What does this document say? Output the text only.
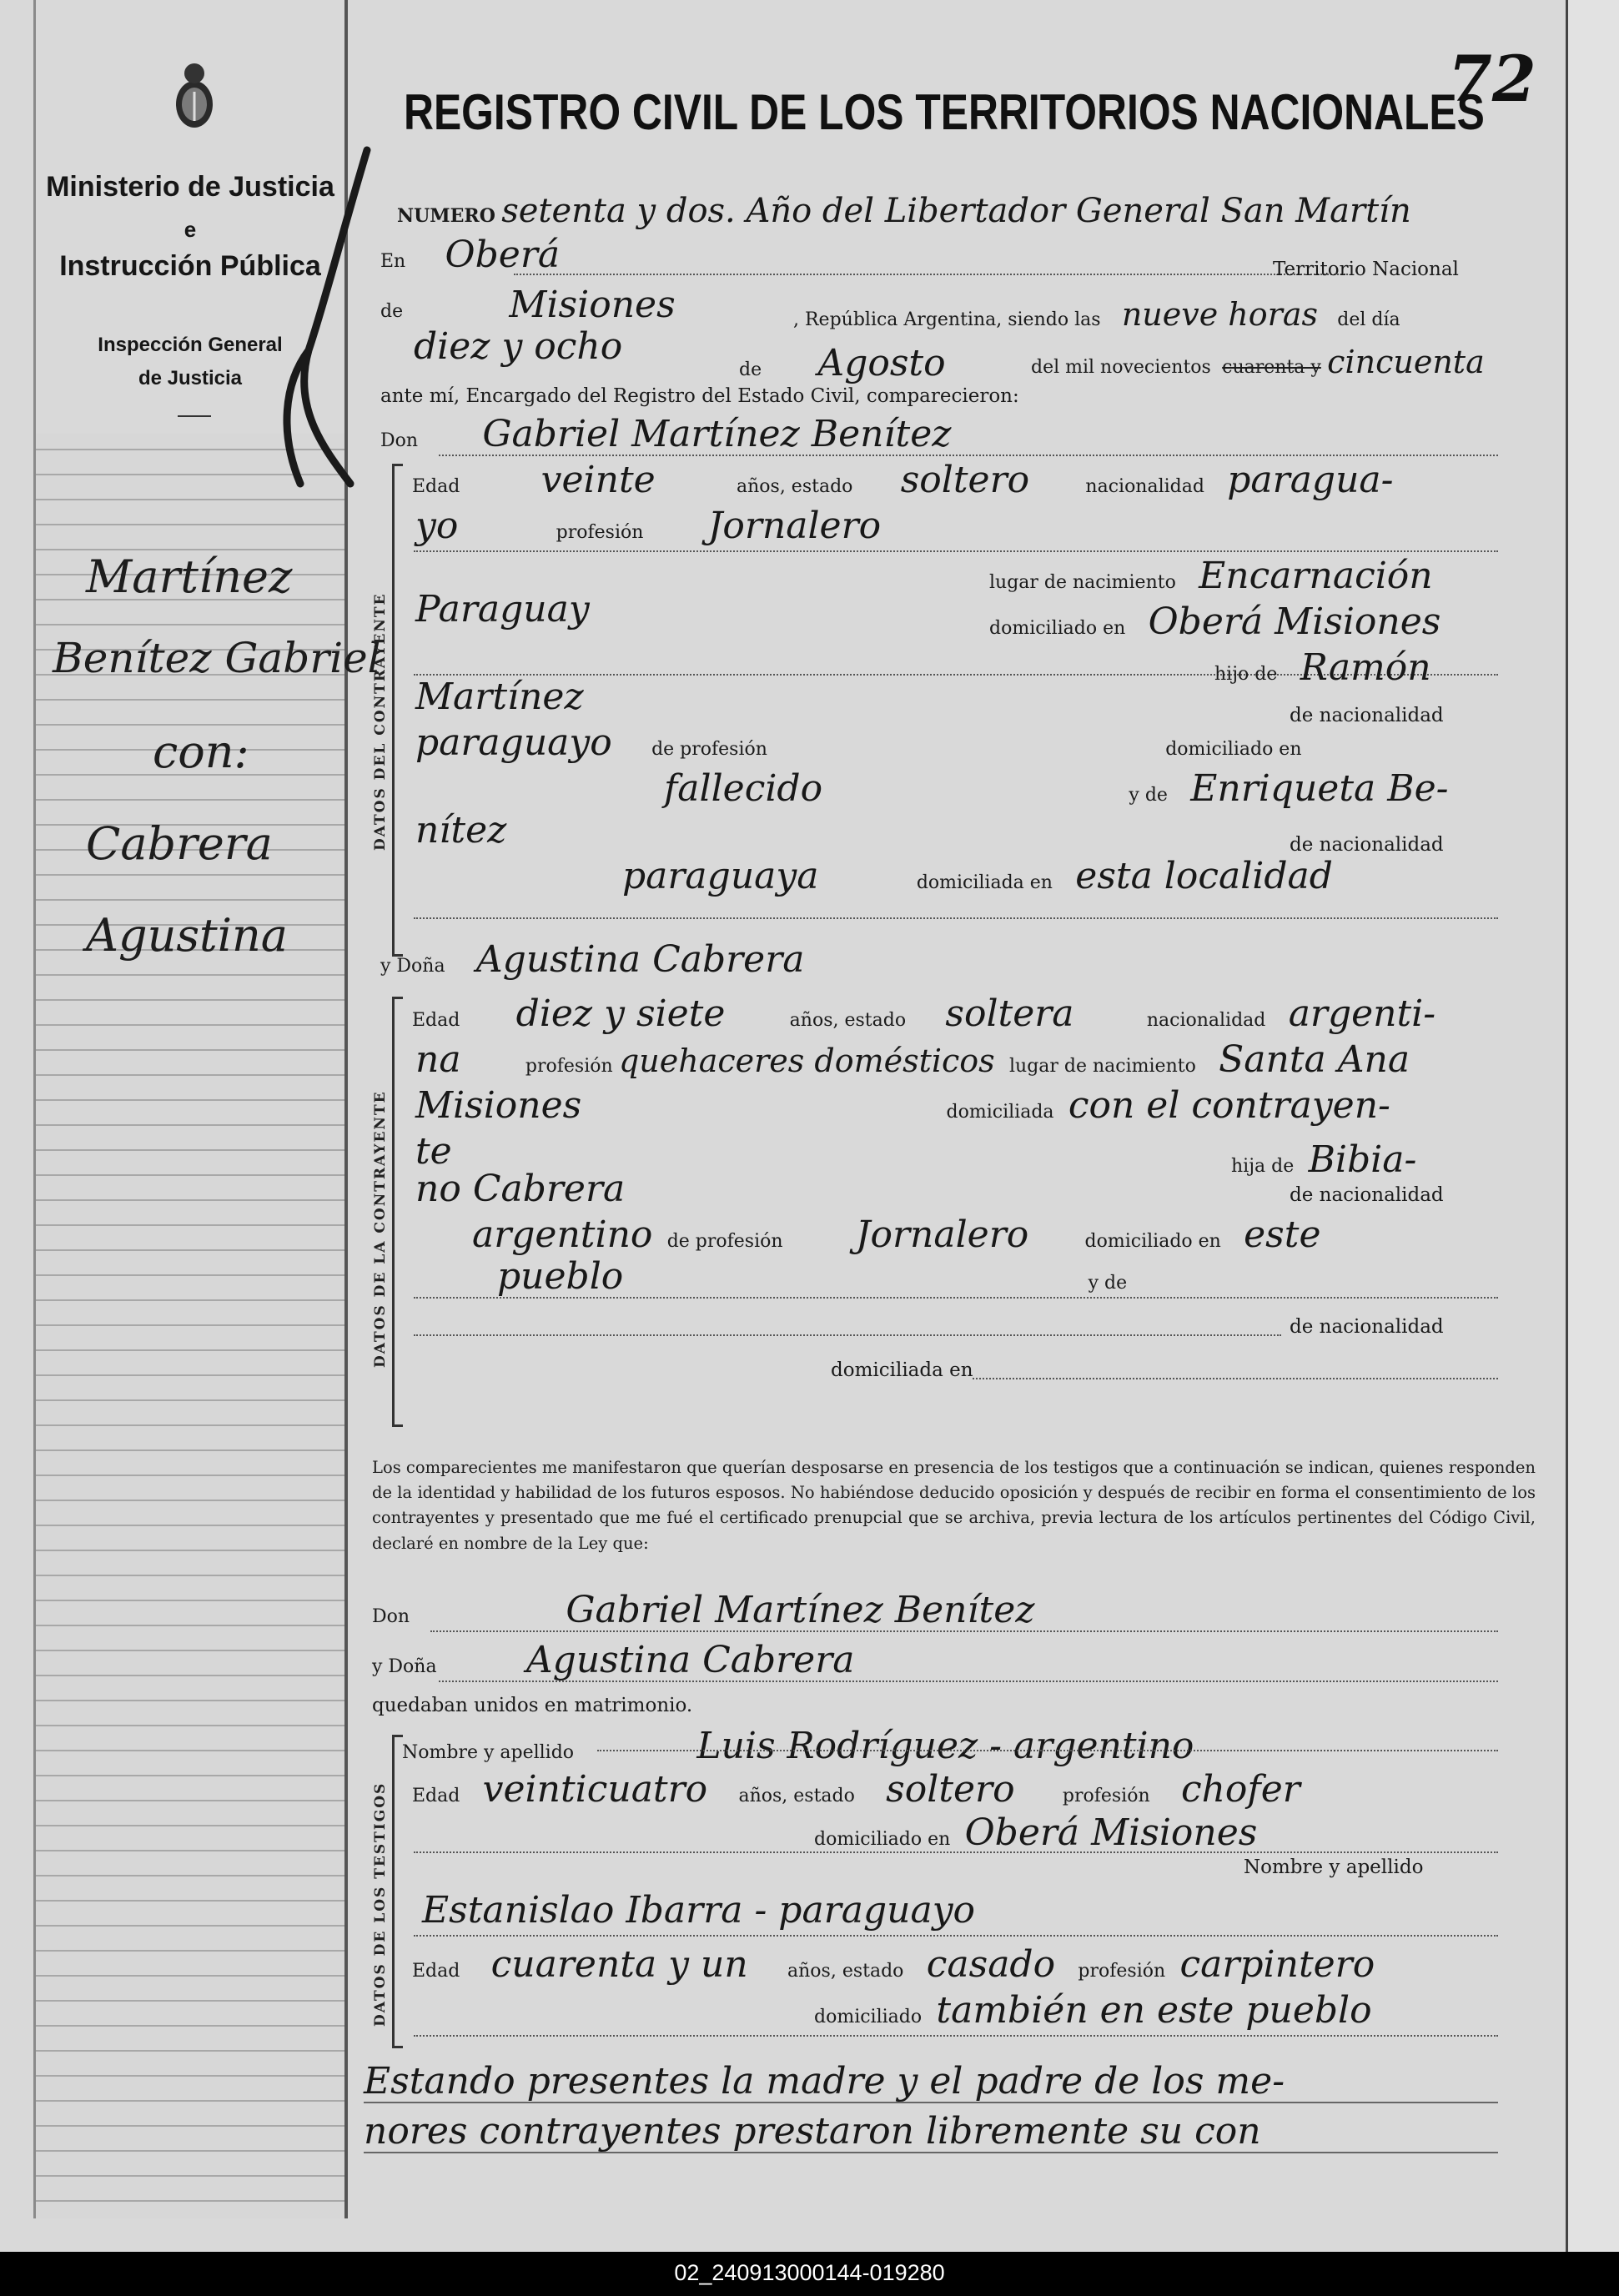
Ministerio de Justicia
e
Instrucción Pública
Inspección General
de Justicia
Martínez
Benítez Gabriel
con:
Cabrera
Agustina
72
REGISTRO CIVIL DE LOS TERRITORIOS NACIONALES
NUMERO setenta y dos. Año del Libertador General San Martín
En Oberá	Territorio Nacional
de	Misiones	, República Argentina, siendo las nueve horas del día
diez y ocho
de Agosto	del mil novecientos cuarenta y cincuenta
ante mí, Encargado del Registro del Estado Civil, comparecieron:
Don Gabriel Martínez Benítez
DATOS DEL CONTRAYENTE
Edad veinte	años, estado soltero	nacionalidad paragua-
yo	profesión Jornalero
lugar de nacimiento Encarnación
Paraguay	domiciliado en Oberá Misiones
hijo de Ramón
Martínez	de nacionalidad
paraguayo de profesión	domiciliado en
fallecido	y de Enriqueta Be-
nítez	de nacionalidad
paraguaya	domiciliada en esta localidad
y Doña Agustina Cabrera
DATOS DE LA CONTRAYENTE
Edad diez y siete	años, estado soltera	nacionalidad argenti-
na	profesión quehaceres domésticos lugar de nacimiento Santa Ana
Misiones	domiciliada con el contrayen-
te	hija de Bibia-
no Cabrera	de nacionalidad
argentino de profesión Jornalero	domiciliado en este
pueblo	y de
de nacionalidad
domiciliada en
Los comparecientes me manifestaron que querían desposarse en presencia de los testigos que a continuación se indican, quienes responden de la identidad y habilidad de los futuros esposos. No habiéndose deducido oposición y después de recibir en forma el consentimiento de los contrayentes y presentado que me fué el certificado prenupcial que se archiva, previa lectura de los artículos pertinentes del Código Civil, declaré en nombre de la Ley que:
Don	Gabriel Martínez Benítez
y Doña Agustina Cabrera
quedaban unidos en matrimonio.
DATOS DE LOS TESTIGOS
Nombre y apellido	Luis Rodríguez - argentino
Edad veinticuatro años, estado soltero	profesión chofer
domiciliado en Oberá Misiones
Nombre y apellido
Estanislao Ibarra - paraguayo
Edad cuarenta y un años, estado casado profesión carpintero
domiciliado también en este pueblo
Estando presentes la madre y el padre de los me-
nores contrayentes prestaron libremente su con
02_240913000144-019280
